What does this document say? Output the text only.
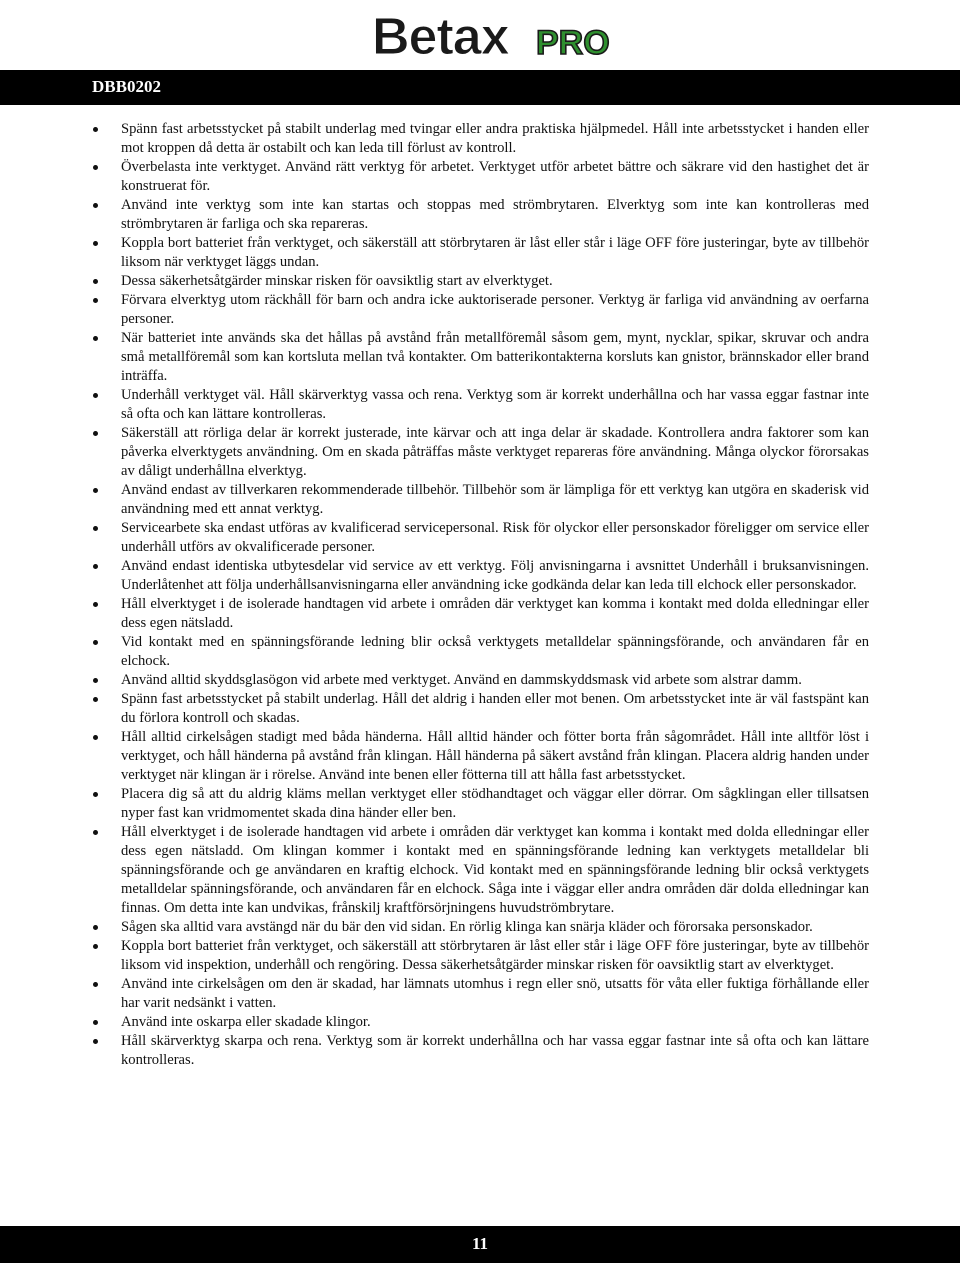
Betax PRO
DBB0202
Spänn fast arbetsstycket på stabilt underlag med tvingar eller andra praktiska hjälpmedel. Håll inte arbetsstycket i handen eller mot kroppen då detta är ostabilt och kan leda till förlust av kontroll.
Överbelasta inte verktyget. Använd rätt verktyg för arbetet. Verktyget utför arbetet bättre och säkrare vid den hastighet det är konstruerat för.
Använd inte verktyg som inte kan startas och stoppas med strömbrytaren. Elverktyg som inte kan kontrolleras med strömbrytaren är farliga och ska repareras.
Koppla bort batteriet från verktyget, och säkerställ att störbrytaren är låst eller står i läge OFF före justeringar, byte av tillbehör liksom när verktyget läggs undan.
Dessa säkerhetsåtgärder minskar risken för oavsiktlig start av elverktyget.
Förvara elverktyg utom räckhåll för barn och andra icke auktoriserade personer. Verktyg är farliga vid användning av oerfarna personer.
När batteriet inte används ska det hållas på avstånd från metallföremål såsom gem, mynt, nycklar, spikar, skruvar och andra små metallföremål som kan kortsluta mellan två kontakter. Om batterikontakterna korsluts kan gnistor, brännskador eller brand inträffa.
Underhåll verktyget väl. Håll skärverktyg vassa och rena. Verktyg som är korrekt underhållna och har vassa eggar fastnar inte så ofta och kan lättare kontrolleras.
Säkerställ att rörliga delar är korrekt justerade, inte kärvar och att inga delar är skadade. Kontrollera andra faktorer som kan påverka elverktygets användning. Om en skada påträffas måste verktyget repareras före användning. Många olyckor förorsakas av dåligt underhållna elverktyg.
Använd endast av tillverkaren rekommenderade tillbehör. Tillbehör som är lämpliga för ett verktyg kan utgöra en skaderisk vid användning med ett annat verktyg.
Servicearbete ska endast utföras av kvalificerad servicepersonal. Risk för olyckor eller personskador föreligger om service eller underhåll utförs av okvalificerade personer.
Använd endast identiska utbytesdelar vid service av ett verktyg. Följ anvisningarna i avsnittet Underhåll i bruksanvisningen. Underlåtenhet att följa underhållsanvisningarna eller användning icke godkända delar kan leda till elchock eller personskador.
Håll elverktyget i de isolerade handtagen vid arbete i områden där verktyget kan komma i kontakt med dolda elledningar eller dess egen nätsladd.
Vid kontakt med en spänningsförande ledning blir också verktygets metalldelar spänningsförande, och användaren får en elchock.
Använd alltid skyddsglasögon vid arbete med verktyget. Använd en dammskyddsmask vid arbete som alstrar damm.
Spänn fast arbetsstycket på stabilt underlag. Håll det aldrig i handen eller mot benen. Om arbetsstycket inte är väl fastspänt kan du förlora kontroll och skadas.
Håll alltid cirkelsågen stadigt med båda händerna. Håll alltid händer och fötter borta från sågområdet. Håll inte alltför löst i verktyget, och håll händerna på avstånd från klingan. Håll händerna på säkert avstånd från klingan. Placera aldrig handen under verktyget när klingan är i rörelse. Använd inte benen eller fötterna till att hålla fast arbetsstycket.
Placera dig så att du aldrig kläms mellan verktyget eller stödhandtaget och väggar eller dörrar. Om sågklingan eller tillsatsen nyper fast kan vridmomentet skada dina händer eller ben.
Håll elverktyget i de isolerade handtagen vid arbete i områden där verktyget kan komma i kontakt med dolda elledningar eller dess egen nätsladd. Om klingan kommer i kontakt med en spänningsförande ledning kan verktygets metalldelar bli spänningsförande och ge användaren en kraftig elchock. Vid kontakt med en spänningsförande ledning blir också verktygets metalldelar spänningsförande, och användaren får en elchock. Såga inte i väggar eller andra områden där dolda elledningar kan finnas. Om detta inte kan undvikas, frånskilj kraftförsörjningens huvudströmbrytare.
Sågen ska alltid vara avstängd när du bär den vid sidan. En rörlig klinga kan snärja kläder och förorsaka personskador.
Koppla bort batteriet från verktyget, och säkerställ att störbrytaren är låst eller står i läge OFF före justeringar, byte av tillbehör liksom vid inspektion, underhåll och rengöring. Dessa säkerhetsåtgärder minskar risken för oavsiktlig start av elverktyget.
Använd inte cirkelsågen om den är skadad, har lämnats utomhus i regn eller snö, utsatts för våta eller fuktiga förhållande eller har varit nedsänkt i vatten.
Använd inte oskarpa eller skadade klingor.
Håll skärverktyg skarpa och rena. Verktyg som är korrekt underhållna och har vassa eggar fastnar inte så ofta och kan lättare kontrolleras.
11
